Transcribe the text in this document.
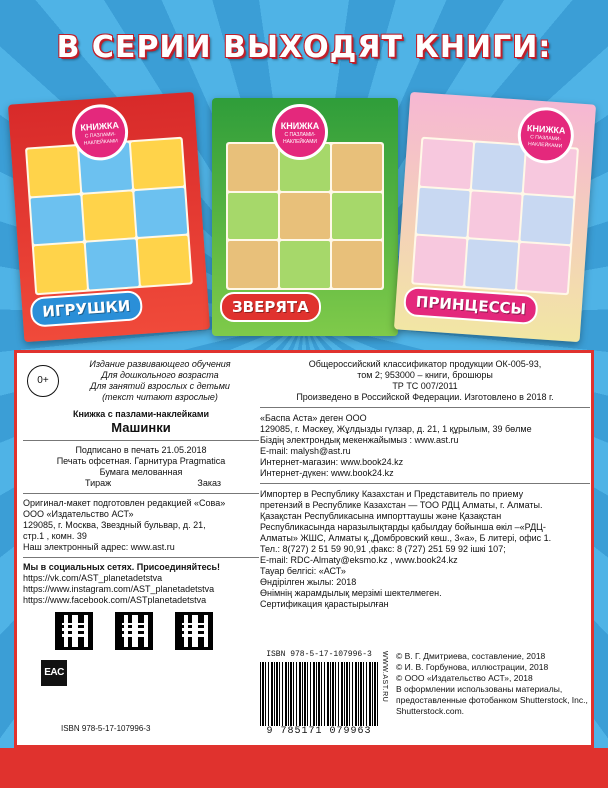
В СЕРИИ ВЫХОДЯТ КНИГИ:
КНИЖКА
С ПАЗЛАМИ-НАКЛЕЙКАМИ
ИГРУШКИ
КНИЖКА
С ПАЗЛАМИ-НАКЛЕЙКАМИ
ЗВЕРЯТА
КНИЖКА
С ПАЗЛАМИ-НАКЛЕЙКАМИ
ПРИНЦЕССЫ
0+
Издание развивающего обучения
Для дошкольного возраста
Для занятий взрослых с детьми
(текст читают взрослые)
Книжка с пазлами-наклейками
Машинки
Подписано в печать 21.05.2018
Печать офсетная. Гарнитура Pragmatica
Бумага мелованная
Тираж	Заказ
Оригинал-макет подготовлен редакцией «Сова»
ООО «Издательство АСТ»
129085, г. Москва, Звездный бульвар, д. 21,
стр.1 , комн. 39
Наш электронный адрес: www.ast.ru
Мы в социальных сетях. Присоединяйтесь!
https://vk.com/AST_planetadetstva
https://www.instagram.com/AST_planetadetstva
https://www.facebook.com/ASTplanetadetstva
EAC
ISBN 978-5-17-107996-3
Общероссийский классификатор продукции ОК-005-93,
том 2; 953000 – книги, брошюры
ТР ТС 007/2011
Произведено в Российской Федерации. Изготовлено в 2018 г.
«Баспа Аста» деген ООО
129085, г. Мәскеу, Жұлдызды гүлзар, д. 21, 1 құрылым, 39 бөлме
Біздің электрондық мекенжайымыз : www.ast.ru
E-mail: malysh@ast.ru
Интернет-магазин: www.book24.kz
Интернет-дүкен: www.book24.kz
Импортер в Республику Казахстан и Представитель по приему
претензий в Республике Казахстан — ТОО РДЦ Алматы, г. Алматы.
Қазақстан Республикасына импорттаушы және Қазақстан
Республикасында наразылықтарды қабылдау бойынша өкіл –«РДЦ-
Алматы» ЖШС, Алматы қ.,Домбровский көш., 3«а», Б литері, офис 1.
Тел.: 8(727) 2 51 59 90,91 ,факс: 8 (727) 251 59 92 ішкі 107;
E-mail: RDC-Almaty@eksmo.kz , www.book24.kz
Тауар белгісі: «АСТ»
Өндірілген жылы: 2018
Өнімнің жарамдылық мерзімі шектелмеген.
Сертификация қарастырылған
ISBN 978-5-17-107996-3
9 785171 079963
WWW.AST.RU © В. Г. Дмитриева, составление, 2018
© И. В. Горбунова, иллюстрации, 2018
© ООО «Издательство АСТ», 2018
В оформлении использованы материалы,
предоставленные фотобанком Shutterstock, Inc.,
Shutterstock.com.
